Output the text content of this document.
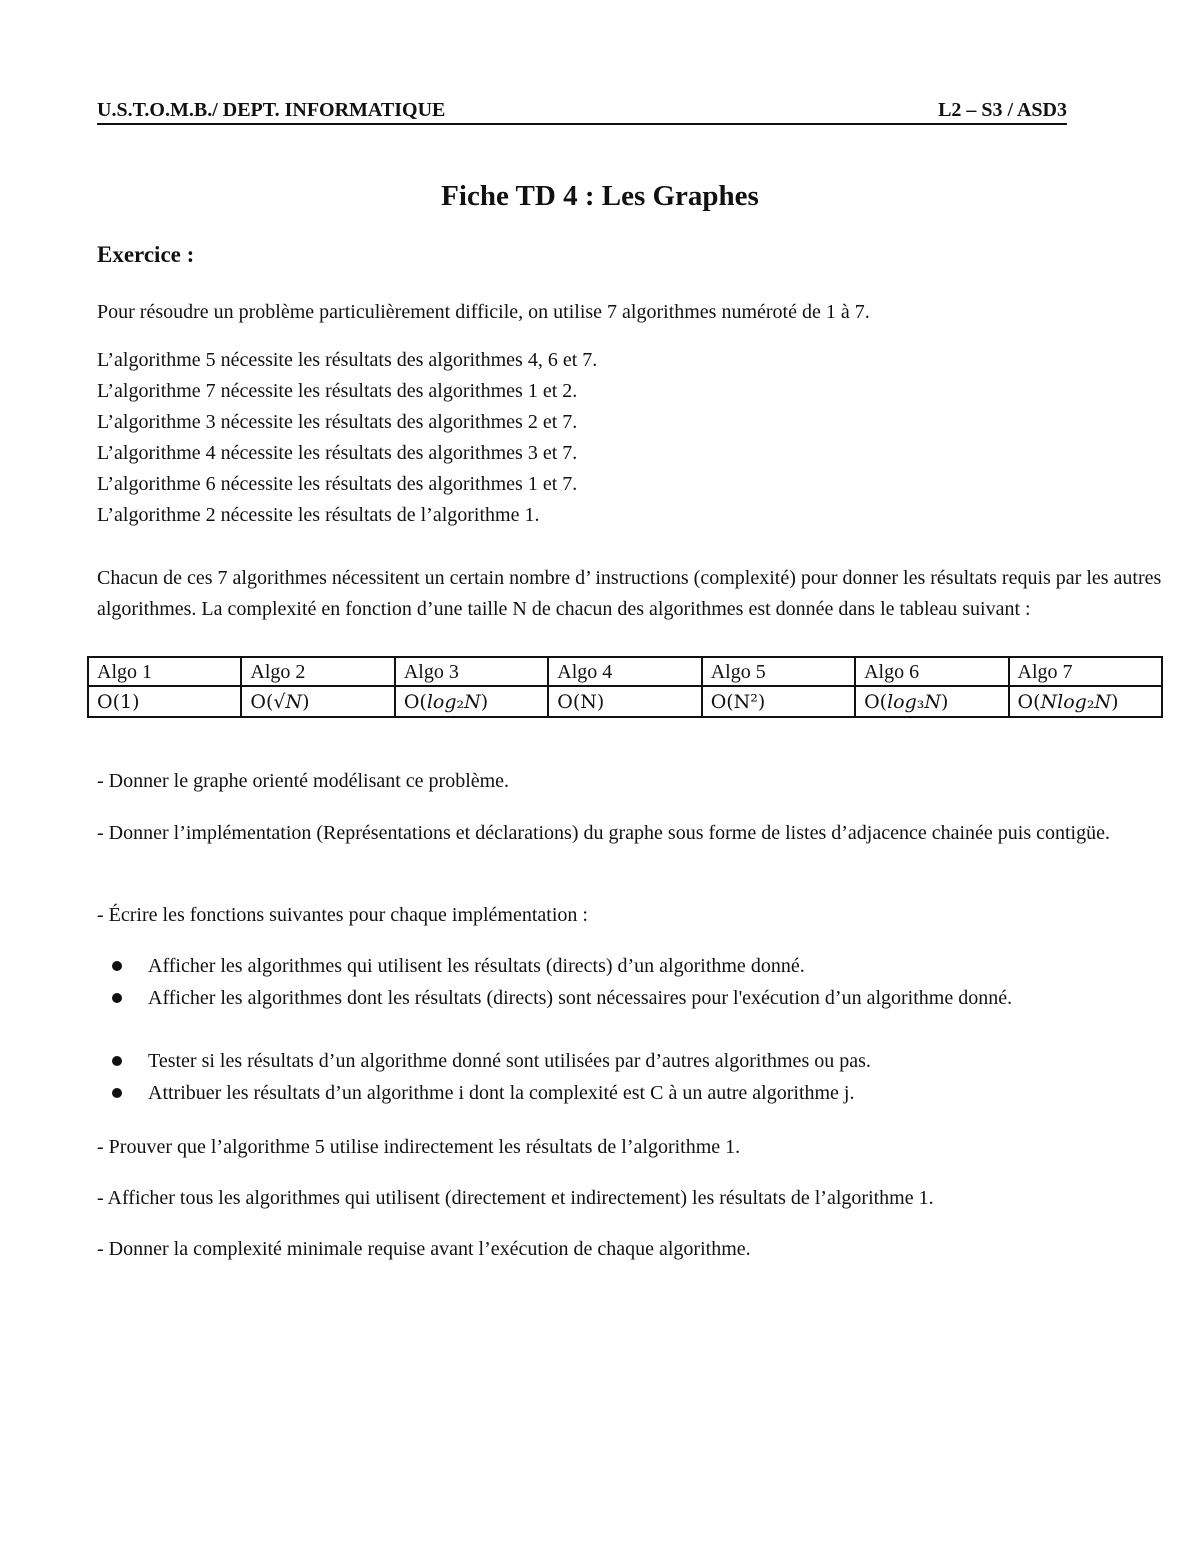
U.S.T.O.M.B./ DEPT. INFORMATIQUE	L2 – S3 / ASD3
Fiche TD 4 : Les Graphes
Exercice :
Pour résoudre un problème particulièrement difficile, on utilise 7 algorithmes numéroté de 1 à 7.
L’algorithme 5 nécessite les résultats des algorithmes 4, 6 et 7.
L’algorithme 7 nécessite les résultats des algorithmes 1 et 2.
L’algorithme 3 nécessite les résultats des algorithmes 2 et 7.
L’algorithme 4 nécessite les résultats des algorithmes 3 et 7.
L’algorithme 6 nécessite les résultats des algorithmes 1 et 7.
L’algorithme 2 nécessite les résultats de l’algorithme 1.
Chacun de ces 7 algorithmes nécessitent un certain nombre d’ instructions (complexité) pour donner les résultats requis par les autres algorithmes. La complexité en fonction d’une taille N de chacun des algorithmes est donnée dans le tableau suivant :
Algo 1	Algo 2	Algo 3	Algo 4	Algo 5	Algo 6	Algo 7
O(1)	O(√𝑁)	O(𝑙𝑜𝑔₂𝑁)	O(N)	O(N²)	O(𝑙𝑜𝑔₃𝑁)	O(𝑁𝑙𝑜𝑔₂𝑁)

- Donner le graphe orienté modélisant ce problème.

- Donner l’implémentation (Représentations et déclarations) du graphe sous forme de listes d’adjacence chainée puis contigüe.

- Écrire les fonctions suivantes pour chaque implémentation :

Afficher les algorithmes qui utilisent les résultats (directs) d’un algorithme donné.
Afficher les algorithmes dont les résultats (directs) sont nécessaires pour l'exécution d’un algorithme donné.
Tester si les résultats d’un algorithme donné sont utilisées par d’autres algorithmes ou pas.
Attribuer les résultats d’un algorithme i dont la complexité est C à un autre algorithme j.
- Prouver que l’algorithme 5 utilise indirectement les résultats de l’algorithme 1.
- Afficher tous les algorithmes qui utilisent (directement et indirectement) les résultats de l’algorithme 1.
- Donner la complexité minimale requise avant l’exécution de chaque algorithme.
